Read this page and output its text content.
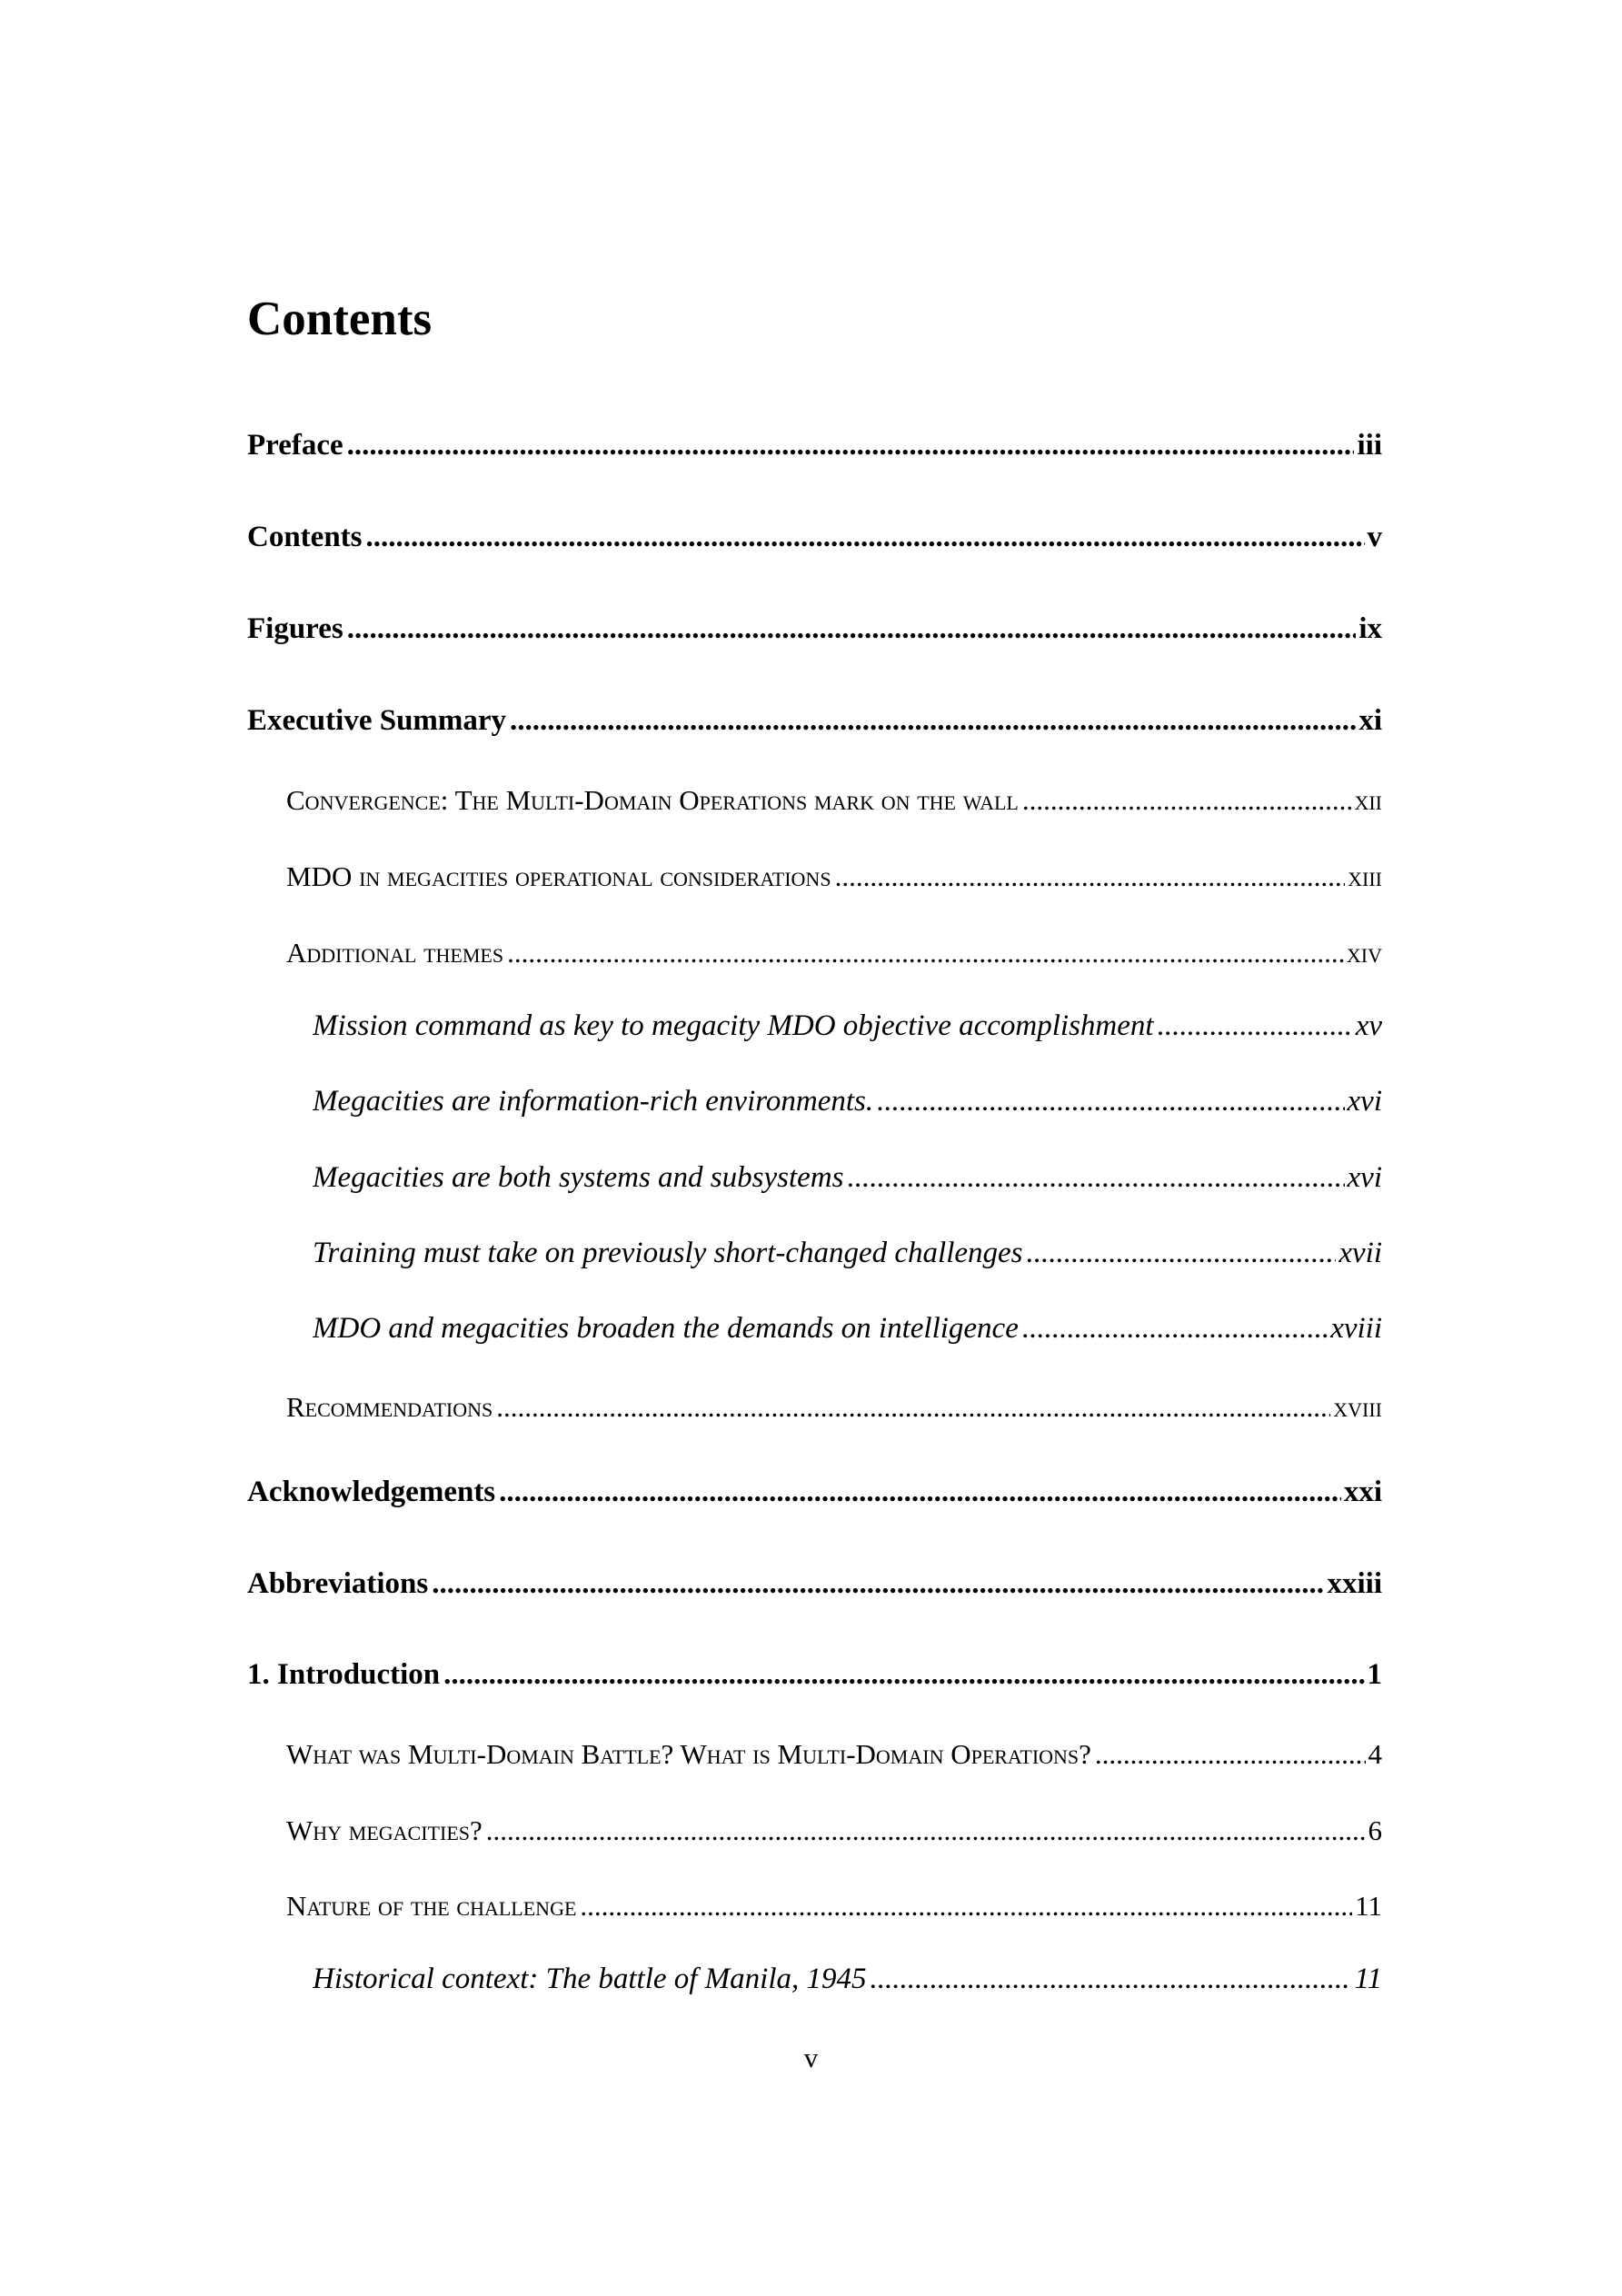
Contents
Preface .....	iii
Contents .....	v
Figures .....	ix
Executive Summary .....	xi
Convergence: The Multi-Domain Operations mark on the wall .....	xii
MDO in megacities operational considerations .....	xiii
Additional themes .....	xiv
Mission command as key to megacity MDO objective accomplishment .....	xv
Megacities are information-rich environments. .....	xvi
Megacities are both systems and subsystems .....	xvi
Training must take on previously short-changed challenges .....	xvii
MDO and megacities broaden the demands on intelligence .....	xviii
Recommendations .....	xviii
Acknowledgements .....	xxi
Abbreviations .....	xxiii
1. Introduction .....	1
What was Multi-Domain Battle? What is Multi-Domain Operations? .....	4
Why megacities? .....	6
Nature of the challenge .....	11
Historical context: The battle of Manila, 1945 .....	11
v
